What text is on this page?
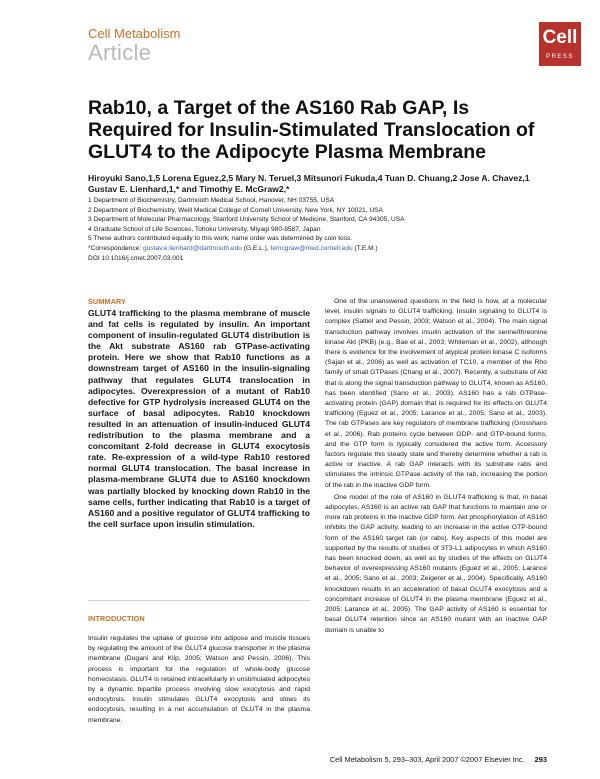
Cell Metabolism
Article
Cell
PRESS
Rab10, a Target of the AS160 Rab GAP, Is Required for Insulin-Stimulated Translocation of GLUT4 to the Adipocyte Plasma Membrane
Hiroyuki Sano,1,5 Lorena Eguez,2,5 Mary N. Teruel,3 Mitsunori Fukuda,4 Tuan D. Chuang,2 Jose A. Chavez,1
Gustav E. Lienhard,1,* and Timothy E. McGraw2,*
1 Department of Biochemistry, Dartmouth Medical School, Hanover, NH 03755, USA
2 Department of Biochemistry, Weill Medical College of Cornell University, New York, NY 10021, USA
3 Department of Molecular Pharmacology, Stanford University School of Medicine, Stanford, CA 94305, USA
4 Graduate School of Life Sciences, Tohoku University, Miyagi 980-8587, Japan
5 These authors contributed equally to this work; name order was determined by coin toss.
*Correspondence: gustav.e.lienhard@dartmouth.edu (G.E.L.), temcgraw@med.cornell.edu (T.E.M.)
DOI 10.1016/j.cmet.2007.03.001
SUMMARY
GLUT4 trafficking to the plasma membrane of muscle and fat cells is regulated by insulin. An important component of insulin-regulated GLUT4 distribution is the Akt substrate AS160 rab GTPase-activating protein. Here we show that Rab10 functions as a downstream target of AS160 in the insulin-signaling pathway that regulates GLUT4 translocation in adipocytes. Overexpression of a mutant of Rab10 defective for GTP hydrolysis increased GLUT4 on the surface of basal adipocytes. Rab10 knockdown resulted in an attenuation of insulin-induced GLUT4 redistribution to the plasma membrane and a concomitant 2-fold decrease in GLUT4 exocytosis rate. Re-expression of a wild-type Rab10 restored normal GLUT4 translocation. The basal increase in plasma-membrane GLUT4 due to AS160 knockdown was partially blocked by knocking down Rab10 in the same cells, further indicating that Rab10 is a target of AS160 and a positive regulator of GLUT4 trafficking to the cell surface upon insulin stimulation.
INTRODUCTION
Insulin regulates the uptake of glucose into adipose and muscle tissues by regulating the amount of the GLUT4 glucose transporter in the plasma membrane (Dugani and Klip, 2005; Watson and Pessin, 2006). This process is important for the regulation of whole-body glucose homeostasis. GLUT4 is retained intracellularly in unstimulated adipocytes by a dynamic bipartite process involving slow exocytosis and rapid endocytosis. Insulin stimulates GLUT4 exocytosis and slows its endocytosis, resulting in a net accumulation of GLUT4 in the plasma membrane.

One of the unanswered questions in the field is how, at a molecular level, insulin signals to GLUT4 trafficking. Insulin signaling to GLUT4 is complex (Saltiel and Pessin, 2003; Watson et al., 2004). The main signal transduction pathway involves insulin activation of the serine/threonine kinase Akt (PKB) (e.g., Bae et al., 2003; Whiteman et al., 2002), although there is evidence for the involvement of atypical protein kinase C isoforms (Sajan et al., 2006) as well as activation of TC10, a member of the Rho family of small GTPases (Chang et al., 2007). Recently, a substrate of Akt that is along the signal transduction pathway to GLUT4, known as AS160, has been identified (Sano et al., 2003). AS160 has a rab GTPase-activating protein (GAP) domain that is required for its effects on GLUT4 trafficking (Eguez et al., 2005; Larance et al., 2005; Sano et al., 2003). The rab GTPases are key regulators of membrane trafficking (Grosshans et al., 2006). Rab proteins cycle between GDP- and GTP-bound forms, and the GTP form is typically considered the active form. Accessory factors regulate this steady state and thereby determine whether a rab is active or inactive. A rab GAP interacts with its substrate rabs and stimulates the intrinsic GTPase activity of the rab, increasing the portion of the rab in the inactive GDP form.

One model of the role of AS160 in GLUT4 trafficking is that, in basal adipocytes, AS160 is an active rab GAP that functions to maintain one or more rab proteins in the inactive GDP form. Akt phosphorylation of AS160 inhibits the GAP activity, leading to an increase in the active GTP-bound form of the AS160 target rab (or rabs). Key aspects of this model are supported by the results of studies of 3T3-L1 adipocytes in which AS160 has been knocked down, as well as by studies of the effects on GLUT4 behavior of overexpressing AS160 mutants (Eguez et al., 2005; Larance et al., 2005; Sano et al., 2003; Zeigerer et al., 2004). Specifically, AS160 knockdown results in an acceleration of basal GLUT4 exocytosis and a concomitant increase of GLUT4 in the plasma membrane (Eguez et al., 2005; Larance et al., 2005). The GAP activity of AS160 is essential for basal GLUT4 retention since an AS160 mutant with an inactive GAP domain is unable to

Cell Metabolism 5, 293–303, April 2007 ©2007 Elsevier Inc. 293
